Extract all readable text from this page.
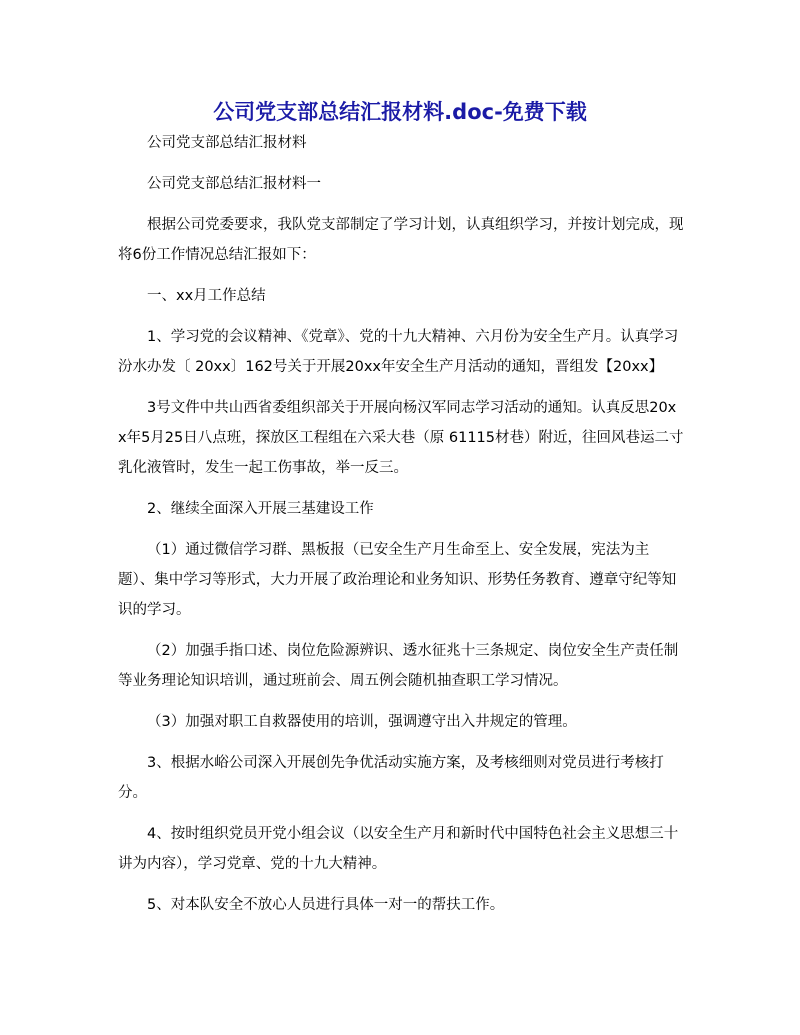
公司党支部总结汇报材料.doc-免费下载

公司党支部总结汇报材料

公司党支部总结汇报材料一

根据公司党委要求，我队党支部制定了学习计划，认真组织学习，并按计划完成，现将6份工作情况总结汇报如下：

一、xx月工作总结

1、学习党的会议精神、《党章》、党的十九大精神、六月份为安全生产月。认真学习汾水办发〔 20xx〕162号关于开展20xx年安全生产月活动的通知，晋组发【20xx】

3号文件中共山西省委组织部关于开展向杨汉军同志学习活动的通知。认真反思20xx年5月25日八点班，探放区工程组在六采大巷（原 61115材巷）附近，往回风巷运二寸乳化液管时，发生一起工伤事故，举一反三。

2、继续全面深入开展三基建设工作

（1）通过微信学习群、黑板报（已安全生产月生命至上、安全发展，宪法为主题）、集中学习等形式，大力开展了政治理论和业务知识、形势任务教育、遵章守纪等知识的学习。

（2）加强手指口述、岗位危险源辨识、透水征兆十三条规定、岗位安全生产责任制等业务理论知识培训，通过班前会、周五例会随机抽查职工学习情况。

（3）加强对职工自救器使用的培训，强调遵守出入井规定的管理。

3、根据水峪公司深入开展创先争优活动实施方案，及考核细则对党员进行考核打分。

4、按时组织党员开党小组会议（以安全生产月和新时代中国特色社会主义思想三十讲为内容），学习党章、党的十九大精神。

5、对本队安全不放心人员进行具体一对一的帮扶工作。
